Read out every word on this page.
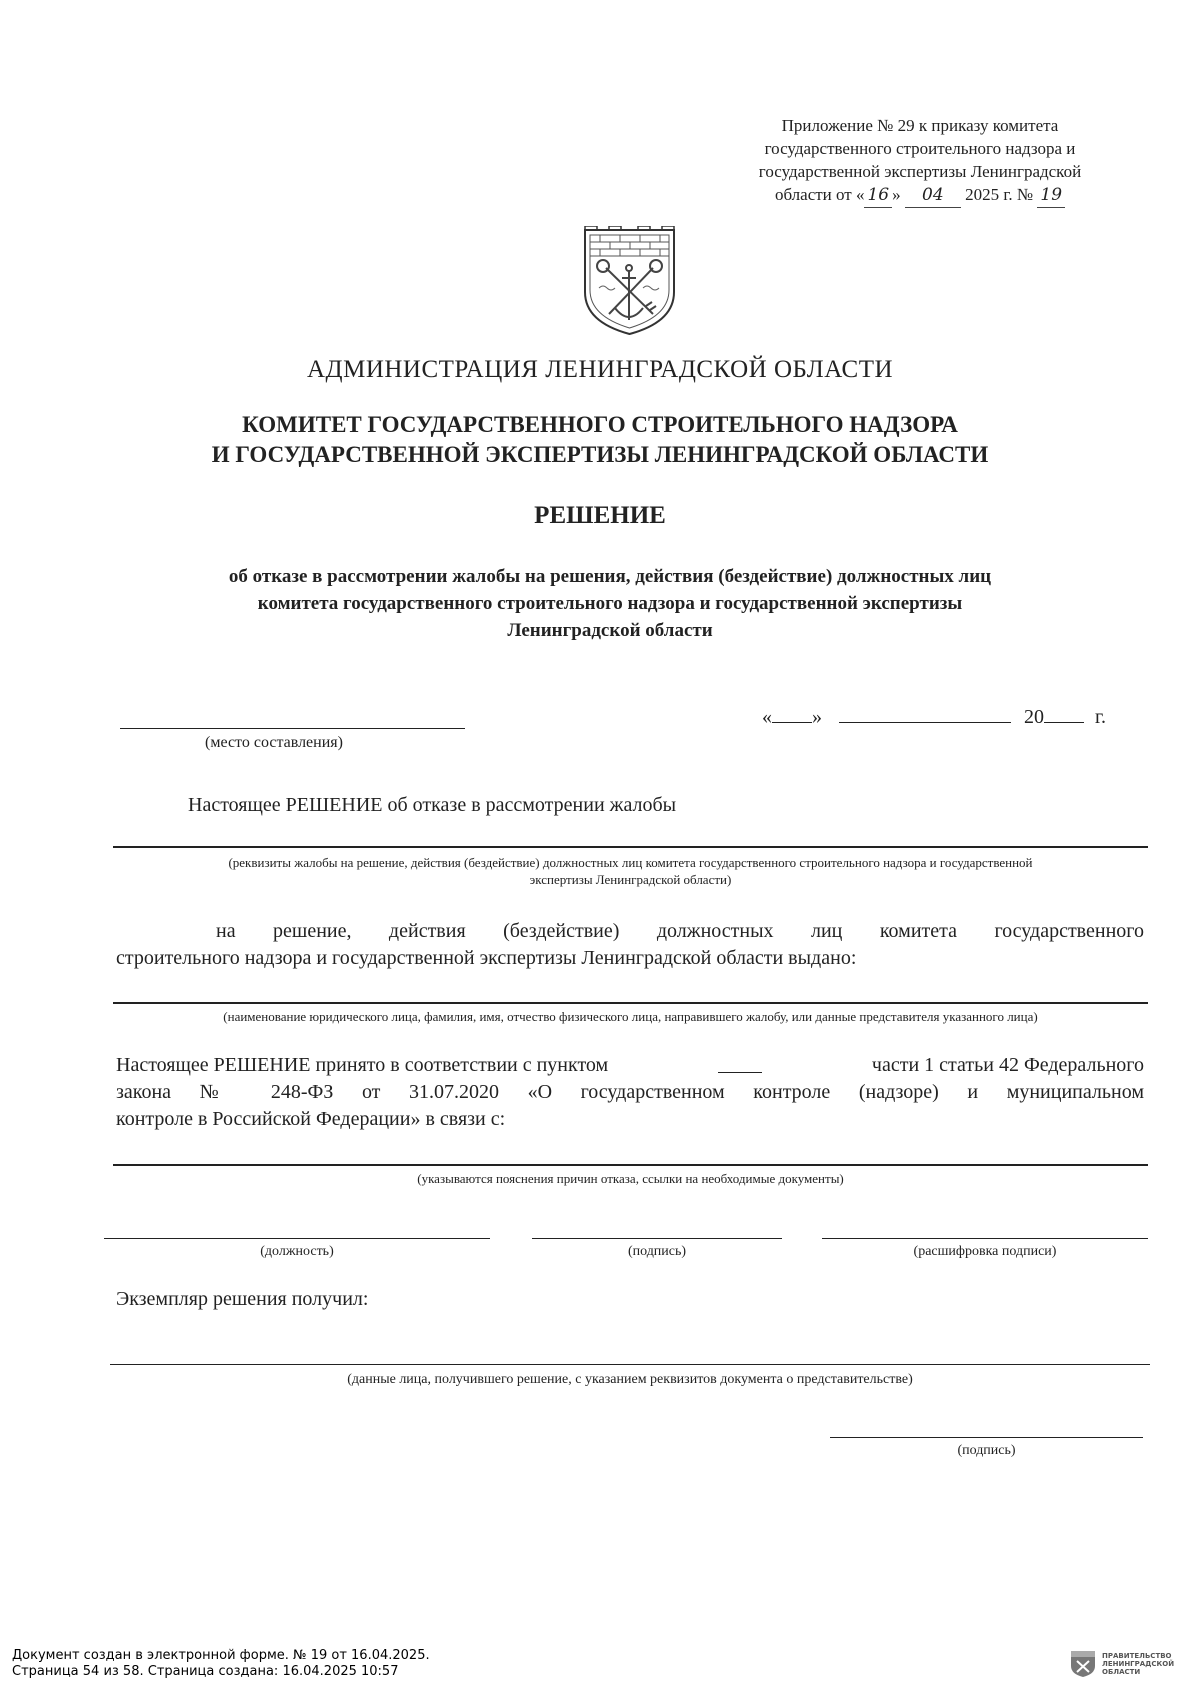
Приложение № 29 к приказу комитета
государственного строительного надзора и
государственной экспертизы Ленинградской
области от « 16 » 04 2025 г. № 19
АДМИНИСТРАЦИЯ ЛЕНИНГРАДСКОЙ ОБЛАСТИ
КОМИТЕТ ГОСУДАРСТВЕННОГО СТРОИТЕЛЬНОГО НАДЗОРА
И ГОСУДАРСТВЕННОЙ ЭКСПЕРТИЗЫ ЛЕНИНГРАДСКОЙ ОБЛАСТИ
РЕШЕНИЕ
об отказе в рассмотрении жалобы на решения, действия (бездействие) должностных лиц
комитета государственного строительного надзора и государственной экспертизы
Ленинградской области
(место составления)
« »	20	г.
Настоящее РЕШЕНИЕ об отказе в рассмотрении жалобы
(реквизиты жалобы на решение, действия (бездействие) должностных лиц комитета государственного строительного надзора и государственной
экспертизы Ленинградской области)
на решение, действия (бездействие) должностных лиц комитета государственного
строительного надзора и государственной экспертизы Ленинградской области выдано:
(наименование юридического лица, фамилия, имя, отчество физического лица, направившего жалобу, или данные представителя указанного лица)
Настоящее РЕШЕНИЕ принято в соответствии с пунктом	части 1 статьи 42 Федерального
закона № 248-ФЗ от 31.07.2020 «О государственном контроле (надзоре) и муниципальном
контроле в Российской Федерации» в связи с:
(указываются пояснения причин отказа, ссылки на необходимые документы)
(должность)	(подпись)	(расшифровка подписи)
Экземпляр решения получил:
(данные лица, получившего решение, с указанием реквизитов документа о представительстве)
(подпись)
Документ создан в электронной форме. № 19 от 16.04.2025.
Страница 54 из 58. Страница создана: 16.04.2025 10:57
ПРАВИТЕЛЬСТВО
ЛЕНИНГРАДСКОЙ
ОБЛАСТИ
